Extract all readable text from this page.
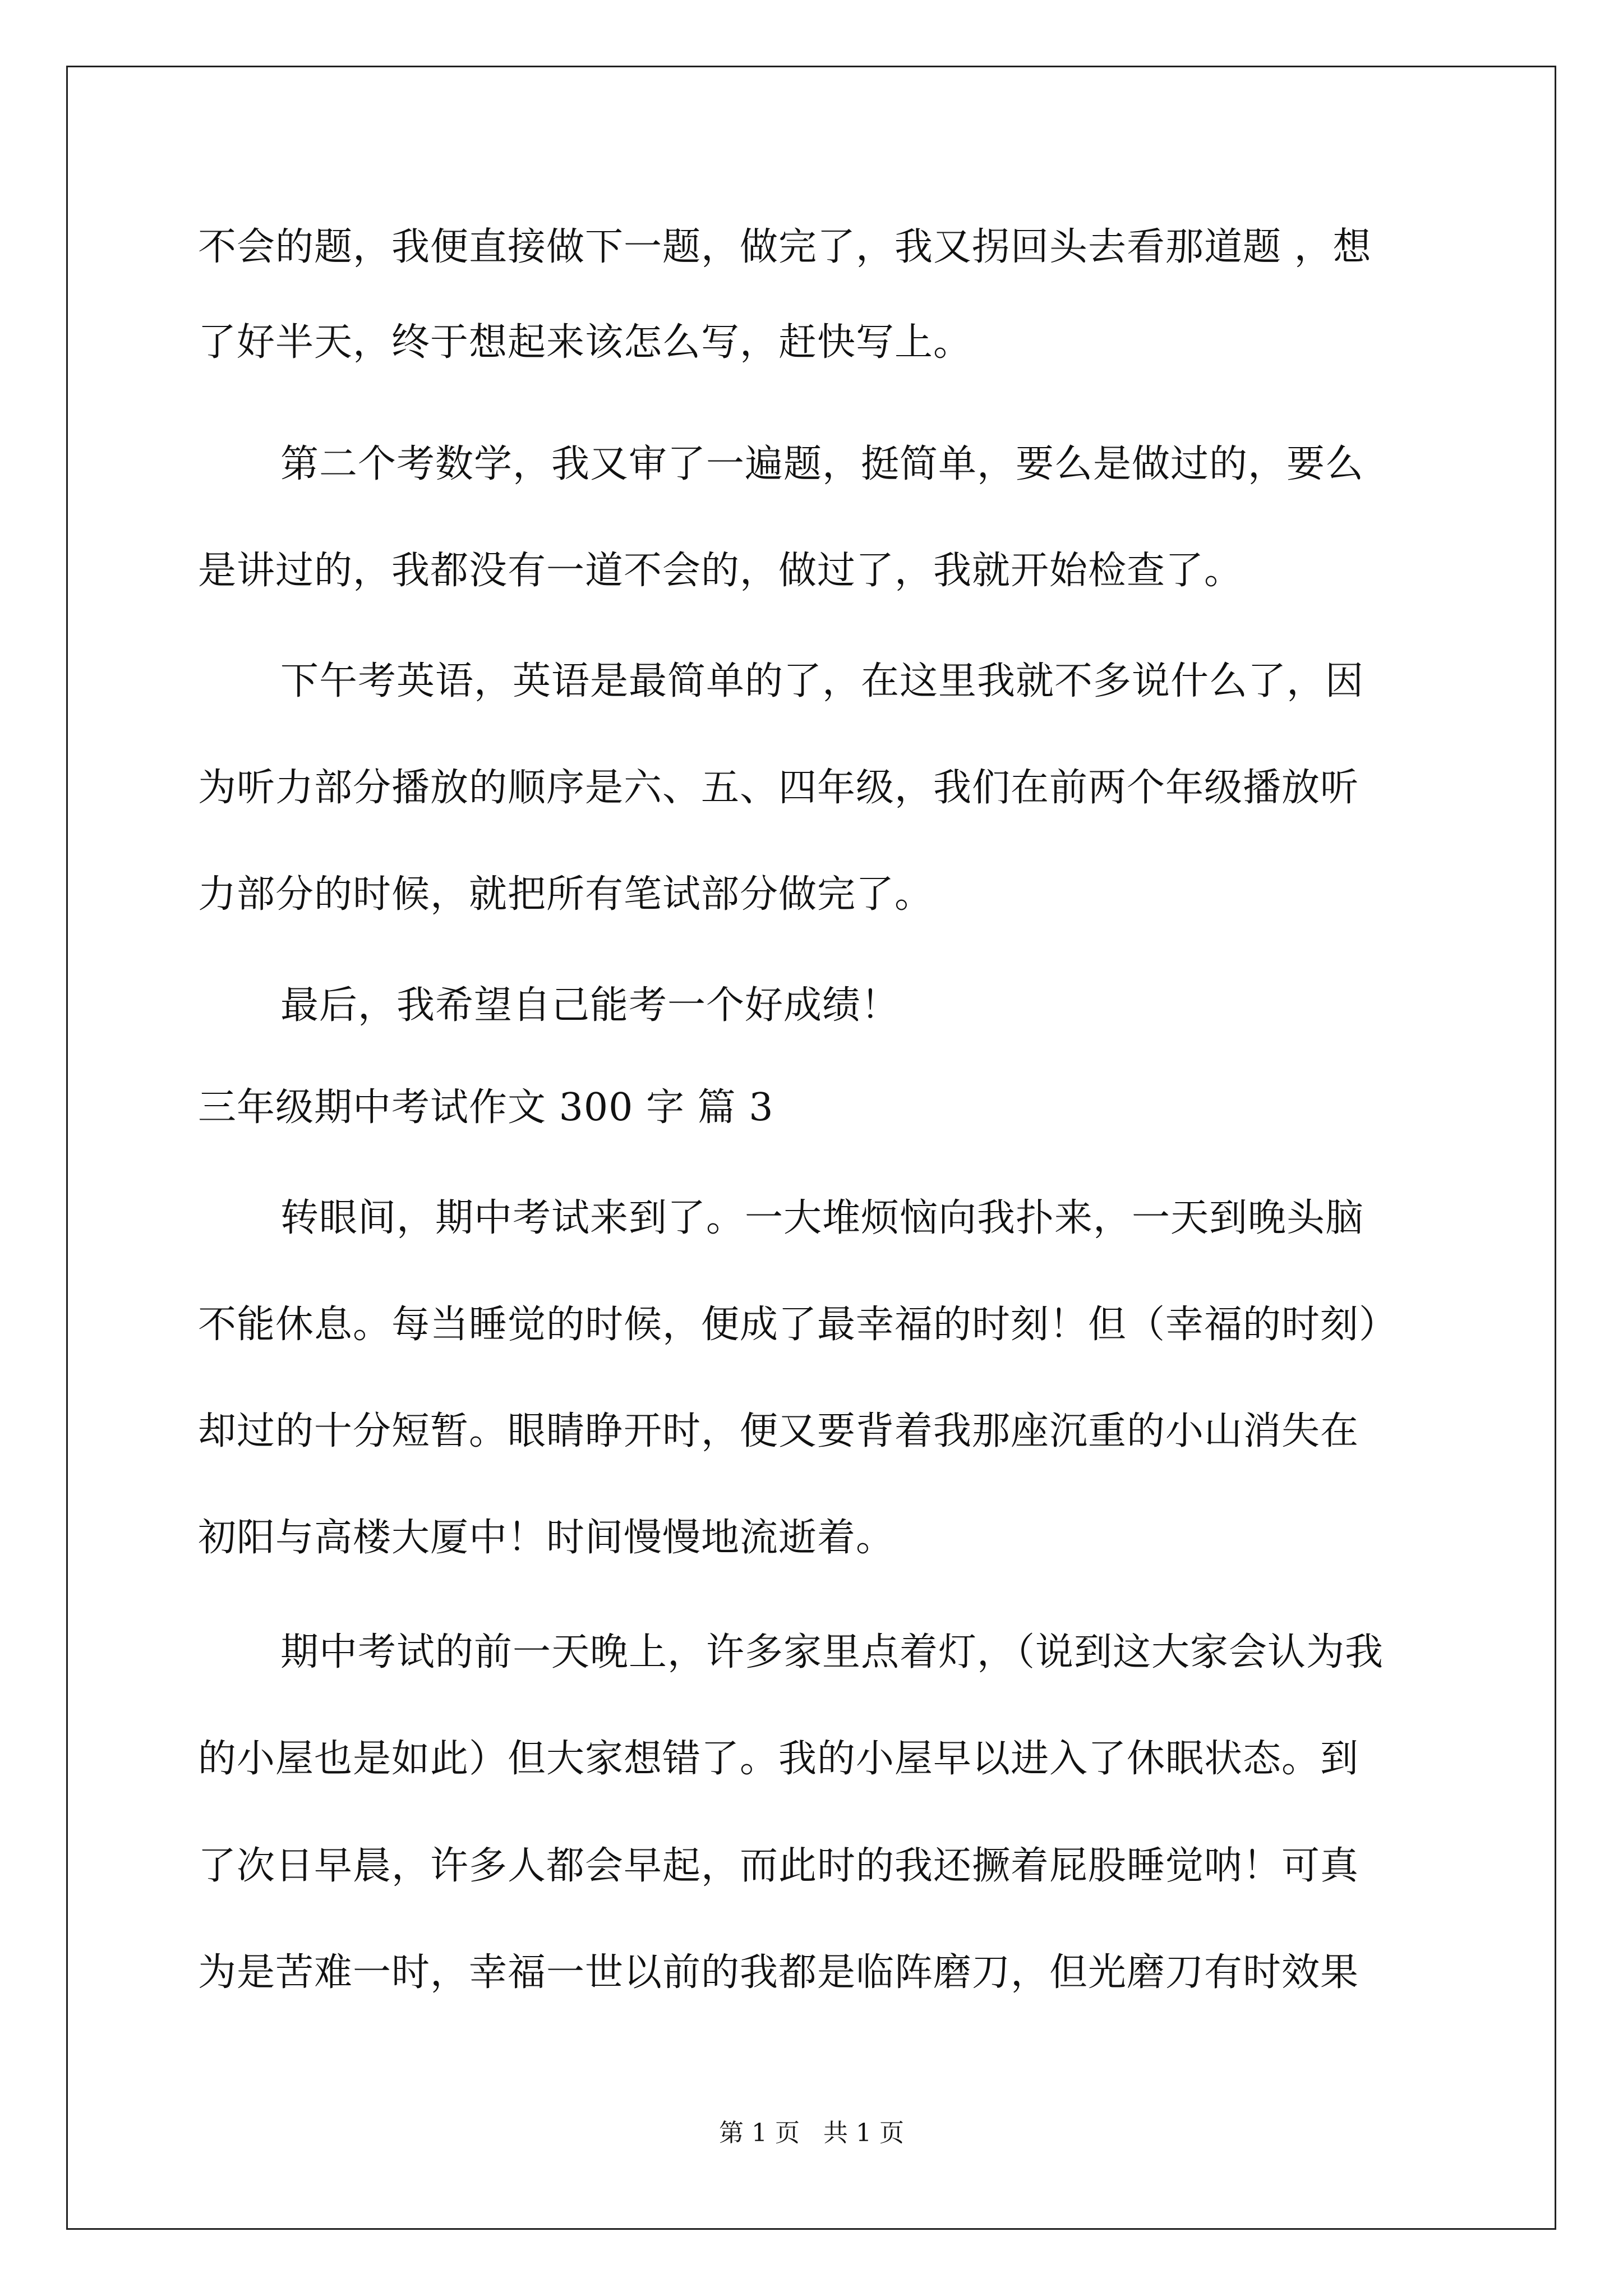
不会的题，我便直接做下一题，做完了，我又拐回头去看那道题 ，想
了好半天，终于想起来该怎么写，赶快写上。
第二个考数学，我又审了一遍题，挺简单，要么是做过的，要么
是讲过的，我都没有一道不会的，做过了，我就开始检查了。
下午考英语，英语是最简单的了，在这里我就不多说什么了，因
为听力部分播放的顺序是六、五、四年级，我们在前两个年级播放听
力部分的时候，就把所有笔试部分做完了。
最后，我希望自己能考一个好成绩！
三年级期中考试作文 300 字 篇 3
转眼间，期中考试来到了。一大堆烦恼向我扑来，一天到晚头脑
不能休息。每当睡觉的时候，便成了最幸福的时刻！但（幸福的时刻）
却过的十分短暂。眼睛睁开时，便又要背着我那座沉重的小山消失在
初阳与高楼大厦中！时间慢慢地流逝着。
期中考试的前一天晚上，许多家里点着灯，（说到这大家会认为我
的小屋也是如此）但大家想错了。我的小屋早以进入了休眠状态。到
了次日早晨，许多人都会早起，而此时的我还撅着屁股睡觉呐！可真
为是苦难一时，幸福一世以前的我都是临阵磨刀，但光磨刀有时效果
第 1 页   共 1 页
